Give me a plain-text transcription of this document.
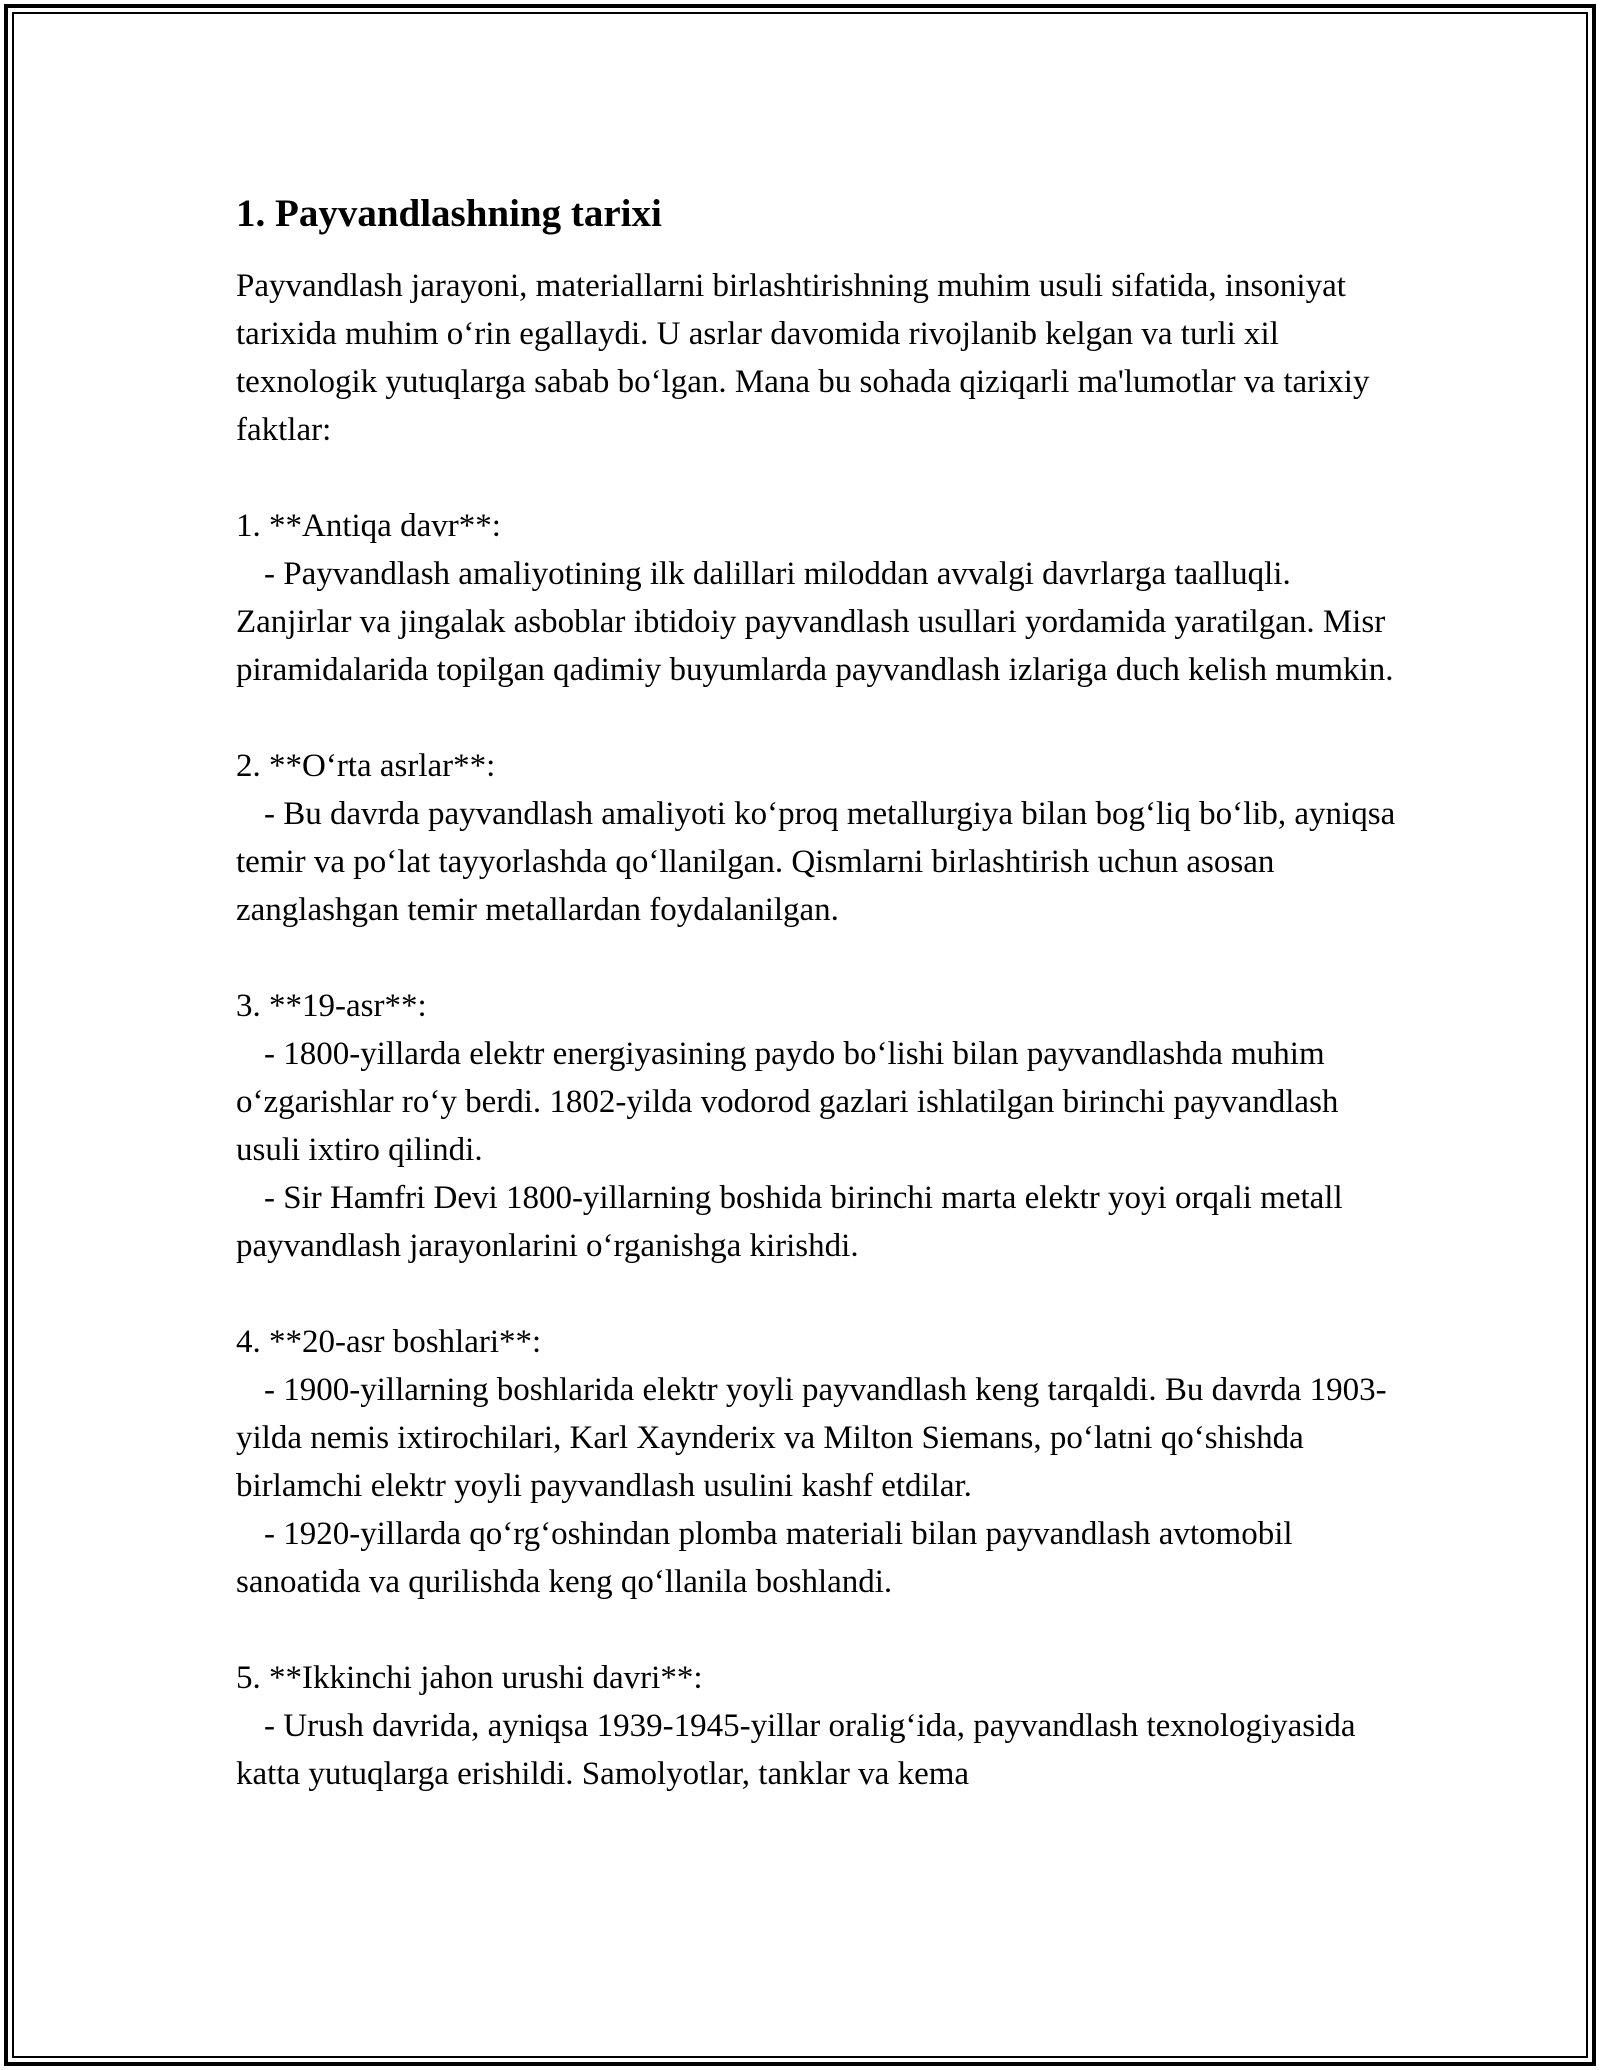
1. Payvandlashning tarixi

Payvandlash jarayoni, materiallarni birlashtirishning muhim usuli sifatida, insoniyat tarixida muhim o‘rin egallaydi. U asrlar davomida rivojlanib kelgan va turli xil texnologik yutuqlarga sabab bo‘lgan. Mana bu sohada qiziqarli ma'lumotlar va tarixiy faktlar:

1. **Antiqa davr**:
- Payvandlash amaliyotining ilk dalillari miloddan avvalgi davrlarga taalluqli. Zanjirlar va jingalak asboblar ibtidoiy payvandlash usullari yordamida yaratilgan. Misr piramidalarida topilgan qadimiy buyumlarda payvandlash izlariga duch kelish mumkin.
2. **O‘rta asrlar**:
- Bu davrda payvandlash amaliyoti ko‘proq metallurgiya bilan bog‘liq bo‘lib, ayniqsa temir va po‘lat tayyorlashda qo‘llanilgan. Qismlarni birlashtirish uchun asosan zanglashgan temir metallardan foydalanilgan.
3. **19-asr**:
- 1800-yillarda elektr energiyasining paydo bo‘lishi bilan payvandlashda muhim o‘zgarishlar ro‘y berdi. 1802-yilda vodorod gazlari ishlatilgan birinchi payvandlash usuli ixtiro qilindi.
- Sir Hamfri Devi 1800-yillarning boshida birinchi marta elektr yoyi orqali metall payvandlash jarayonlarini o‘rganishga kirishdi.
4. **20-asr boshlari**:
- 1900-yillarning boshlarida elektr yoyli payvandlash keng tarqaldi. Bu davrda 1903-yilda nemis ixtirochilari, Karl Xaynderix va Milton Siemans, po‘latni qo‘shishda birlamchi elektr yoyli payvandlash usulini kashf etdilar.
- 1920-yillarda qo‘rg‘oshindan plomba materiali bilan payvandlash avtomobil sanoatida va qurilishda keng qo‘llanila boshlandi.
5. **Ikkinchi jahon urushi davri**:
- Urush davrida, ayniqsa 1939-1945-yillar oralig‘ida, payvandlash texnologiyasida katta yutuqlarga erishildi. Samolyotlar, tanklar va kema
